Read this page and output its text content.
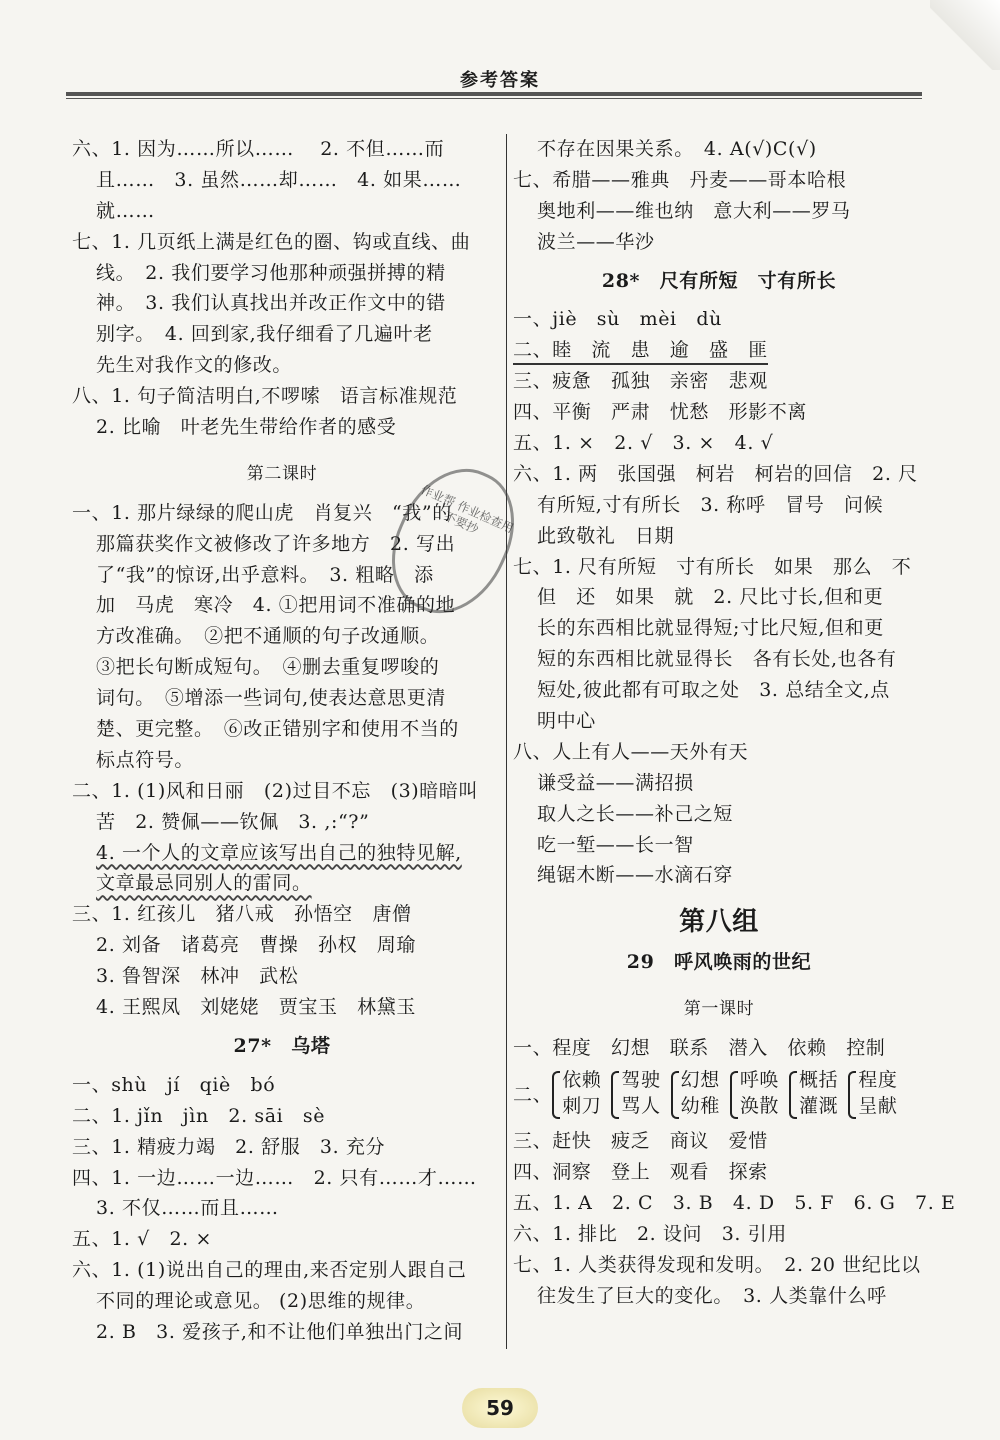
参考答案
六、1. 因为……所以……　 2. 不但……而
且……　3. 虽然……却……　4. 如果……
就……
七、1. 几页纸上满是红色的圈、钩或直线、曲
线。　2. 我们要学习他那种顽强拼搏的精
神。　3. 我们认真找出并改正作文中的错
别字。　4. 回到家,我仔细看了几遍叶老
先生对我作文的修改。
八、1. 句子简洁明白,不啰嗦　语言标准规范
2. 比喻　叶老先生带给作者的感受
第二课时
一、1. 那片绿绿的爬山虎　肖复兴　“我”的
那篇获奖作文被修改了许多地方　2. 写出
了“我”的惊讶,出乎意料。　3. 粗略　添
加　马虎　寒冷　4. ①把用词不准确的地
方改准确。　②把不通顺的句子改通顺。
③把长句断成短句。　④删去重复啰唆的
词句。　⑤增添一些词句,使表达意思更清
楚、更完整。　⑥改正错别字和使用不当的
标点符号。
二、1. (1)风和日丽　(2)过目不忘　(3)暗暗叫
苦　2. 赞佩——钦佩　3. ,:“?”
4. 一个人的文章应该写出自己的独特见解,
文章最忌同别人的雷同。
三、1. 红孩儿　猪八戒　孙悟空　唐僧
2. 刘备　诸葛亮　曹操　孙权　周瑜
3. 鲁智深　林冲　武松
4. 王熙凤　刘姥姥　贾宝玉　林黛玉
27*　乌塔
一、shù　jí　qiè　bó
二、1. jǐn　jìn　2. sāi　sè
三、1. 精疲力竭　2. 舒服　3. 充分
四、1. 一边……一边……　2. 只有……才……
3. 不仅……而且……
五、1. √　2. ×
六、1. (1)说出自己的理由,来否定别人跟自己
不同的理论或意见。 (2)思维的规律。
2. B　3. 爱孩子,和不让他们单独出门之间
不存在因果关系。　4. A(√)C(√)
七、希腊——雅典　丹麦——哥本哈根
奥地利——维也纳　意大利——罗马
波兰——华沙
28*　尺有所短　寸有所长
一、jiè　sù　mèi　dù
二、睦　流　患　逾　盛　匪
三、疲惫　孤独　亲密　悲观
四、平衡　严肃　忧愁　形影不离
五、1. ×　2. √　3. ×　4. √
六、1. 两　张国强　柯岩　柯岩的回信　2. 尺
有所短,寸有所长　3. 称呼　冒号　问候
此致敬礼　日期
七、1. 尺有所短　寸有所长　如果　那么　不
但　还　如果　就　2. 尺比寸长,但和更
长的东西相比就显得短;寸比尺短,但和更
短的东西相比就显得长　各有长处,也各有
短处,彼此都有可取之处　3. 总结全文,点
明中心
八、人上有人——天外有天
谦受益——满招损
取人之长——补己之短
吃一堑——长一智
绳锯木断——水滴石穿
第八组
29　呼风唤雨的世纪
第一课时
一、程度　幻想　联系　潜入　依赖　控制
二、
依赖
刺刀
驾驶
骂人
幻想
幼稚
呼唤
涣散
概括
灌溉
程度
呈献
三、赶快　疲乏　商议　爱惜
四、洞察　登上　观看　探索
五、1. A　2. C　3. B　4. D　5. F　6. G　7. E
六、1. 排比　2. 设问　3. 引用
七、1. 人类获得发现和发明。　2. 20 世纪比以
往发生了巨大的变化。　3. 人类靠什么呼
作业帮 作业检查用 不要抄
59
